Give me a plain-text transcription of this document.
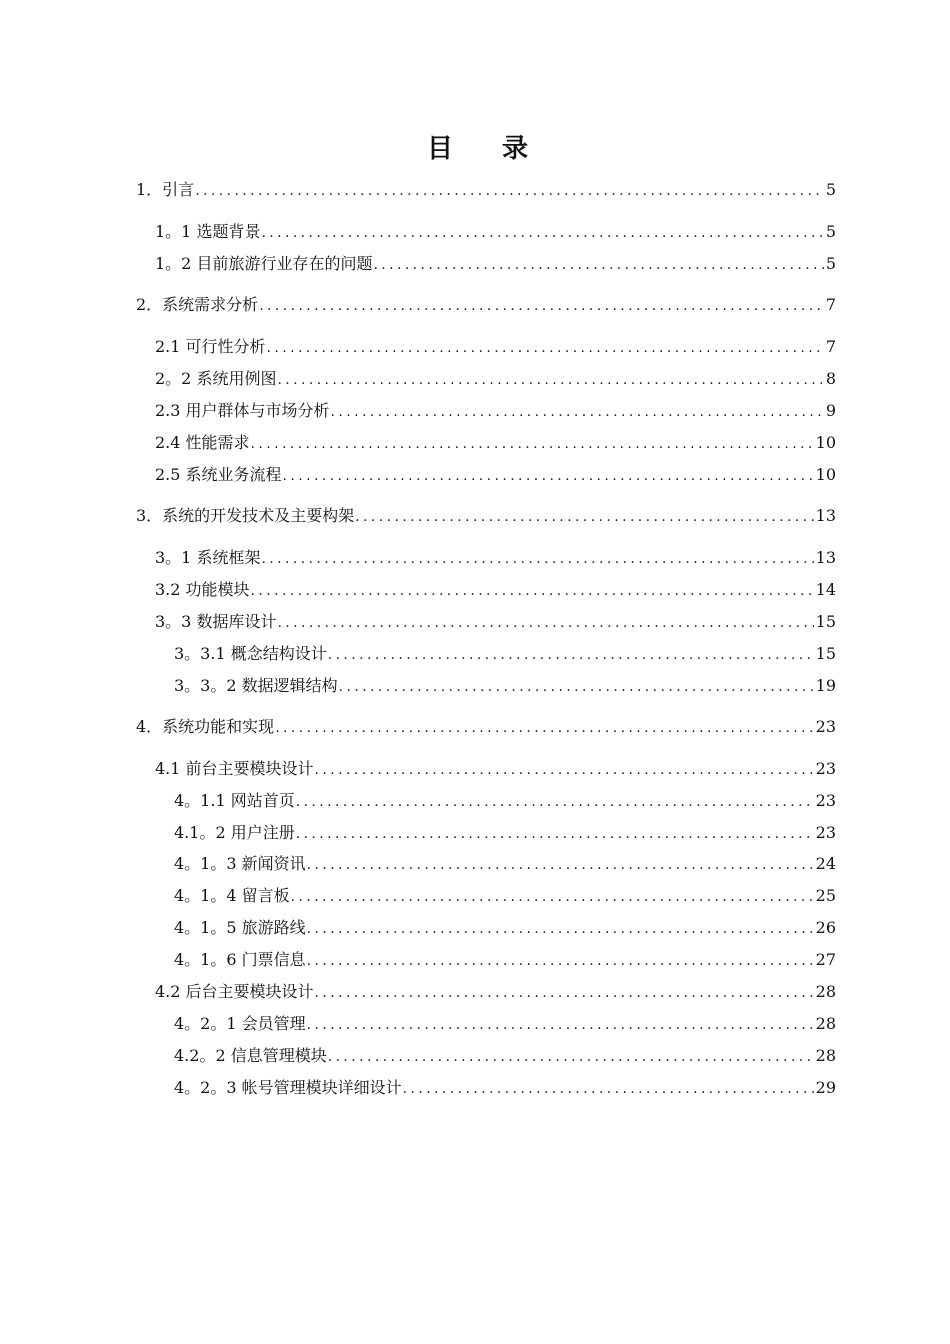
目 录
1．引言 .....	5
1。1 选题背景 .....	5
1。2 目前旅游行业存在的问题 .....	5
2．系统需求分析 .....	7
2.1 可行性分析 .....	7
2。2 系统用例图 .....	8
2.3 用户群体与市场分析 .....	9
2.4 性能需求 .....	10
2.5 系统业务流程 .....	10
3．系统的开发技术及主要构架 .....	13
3。1 系统框架 .....	13
3.2 功能模块 .....	14
3。3 数据库设计 .....	15
3。3.1 概念结构设计 .....	15
3。3。2 数据逻辑结构 .....	19
4．系统功能和实现 .....	23
4.1 前台主要模块设计 .....	23
4。1.1 网站首页 .....	23
4.1。2 用户注册 .....	23
4。1。3 新闻资讯 .....	24
4。1。4 留言板 .....	25
4。1。5 旅游路线 .....	26
4。1。6 门票信息 .....	27
4.2 后台主要模块设计 .....	28
4。2。1 会员管理 .....	28
4.2。2 信息管理模块 .....	28
4。2。3 帐号管理模块详细设计 .....	29
